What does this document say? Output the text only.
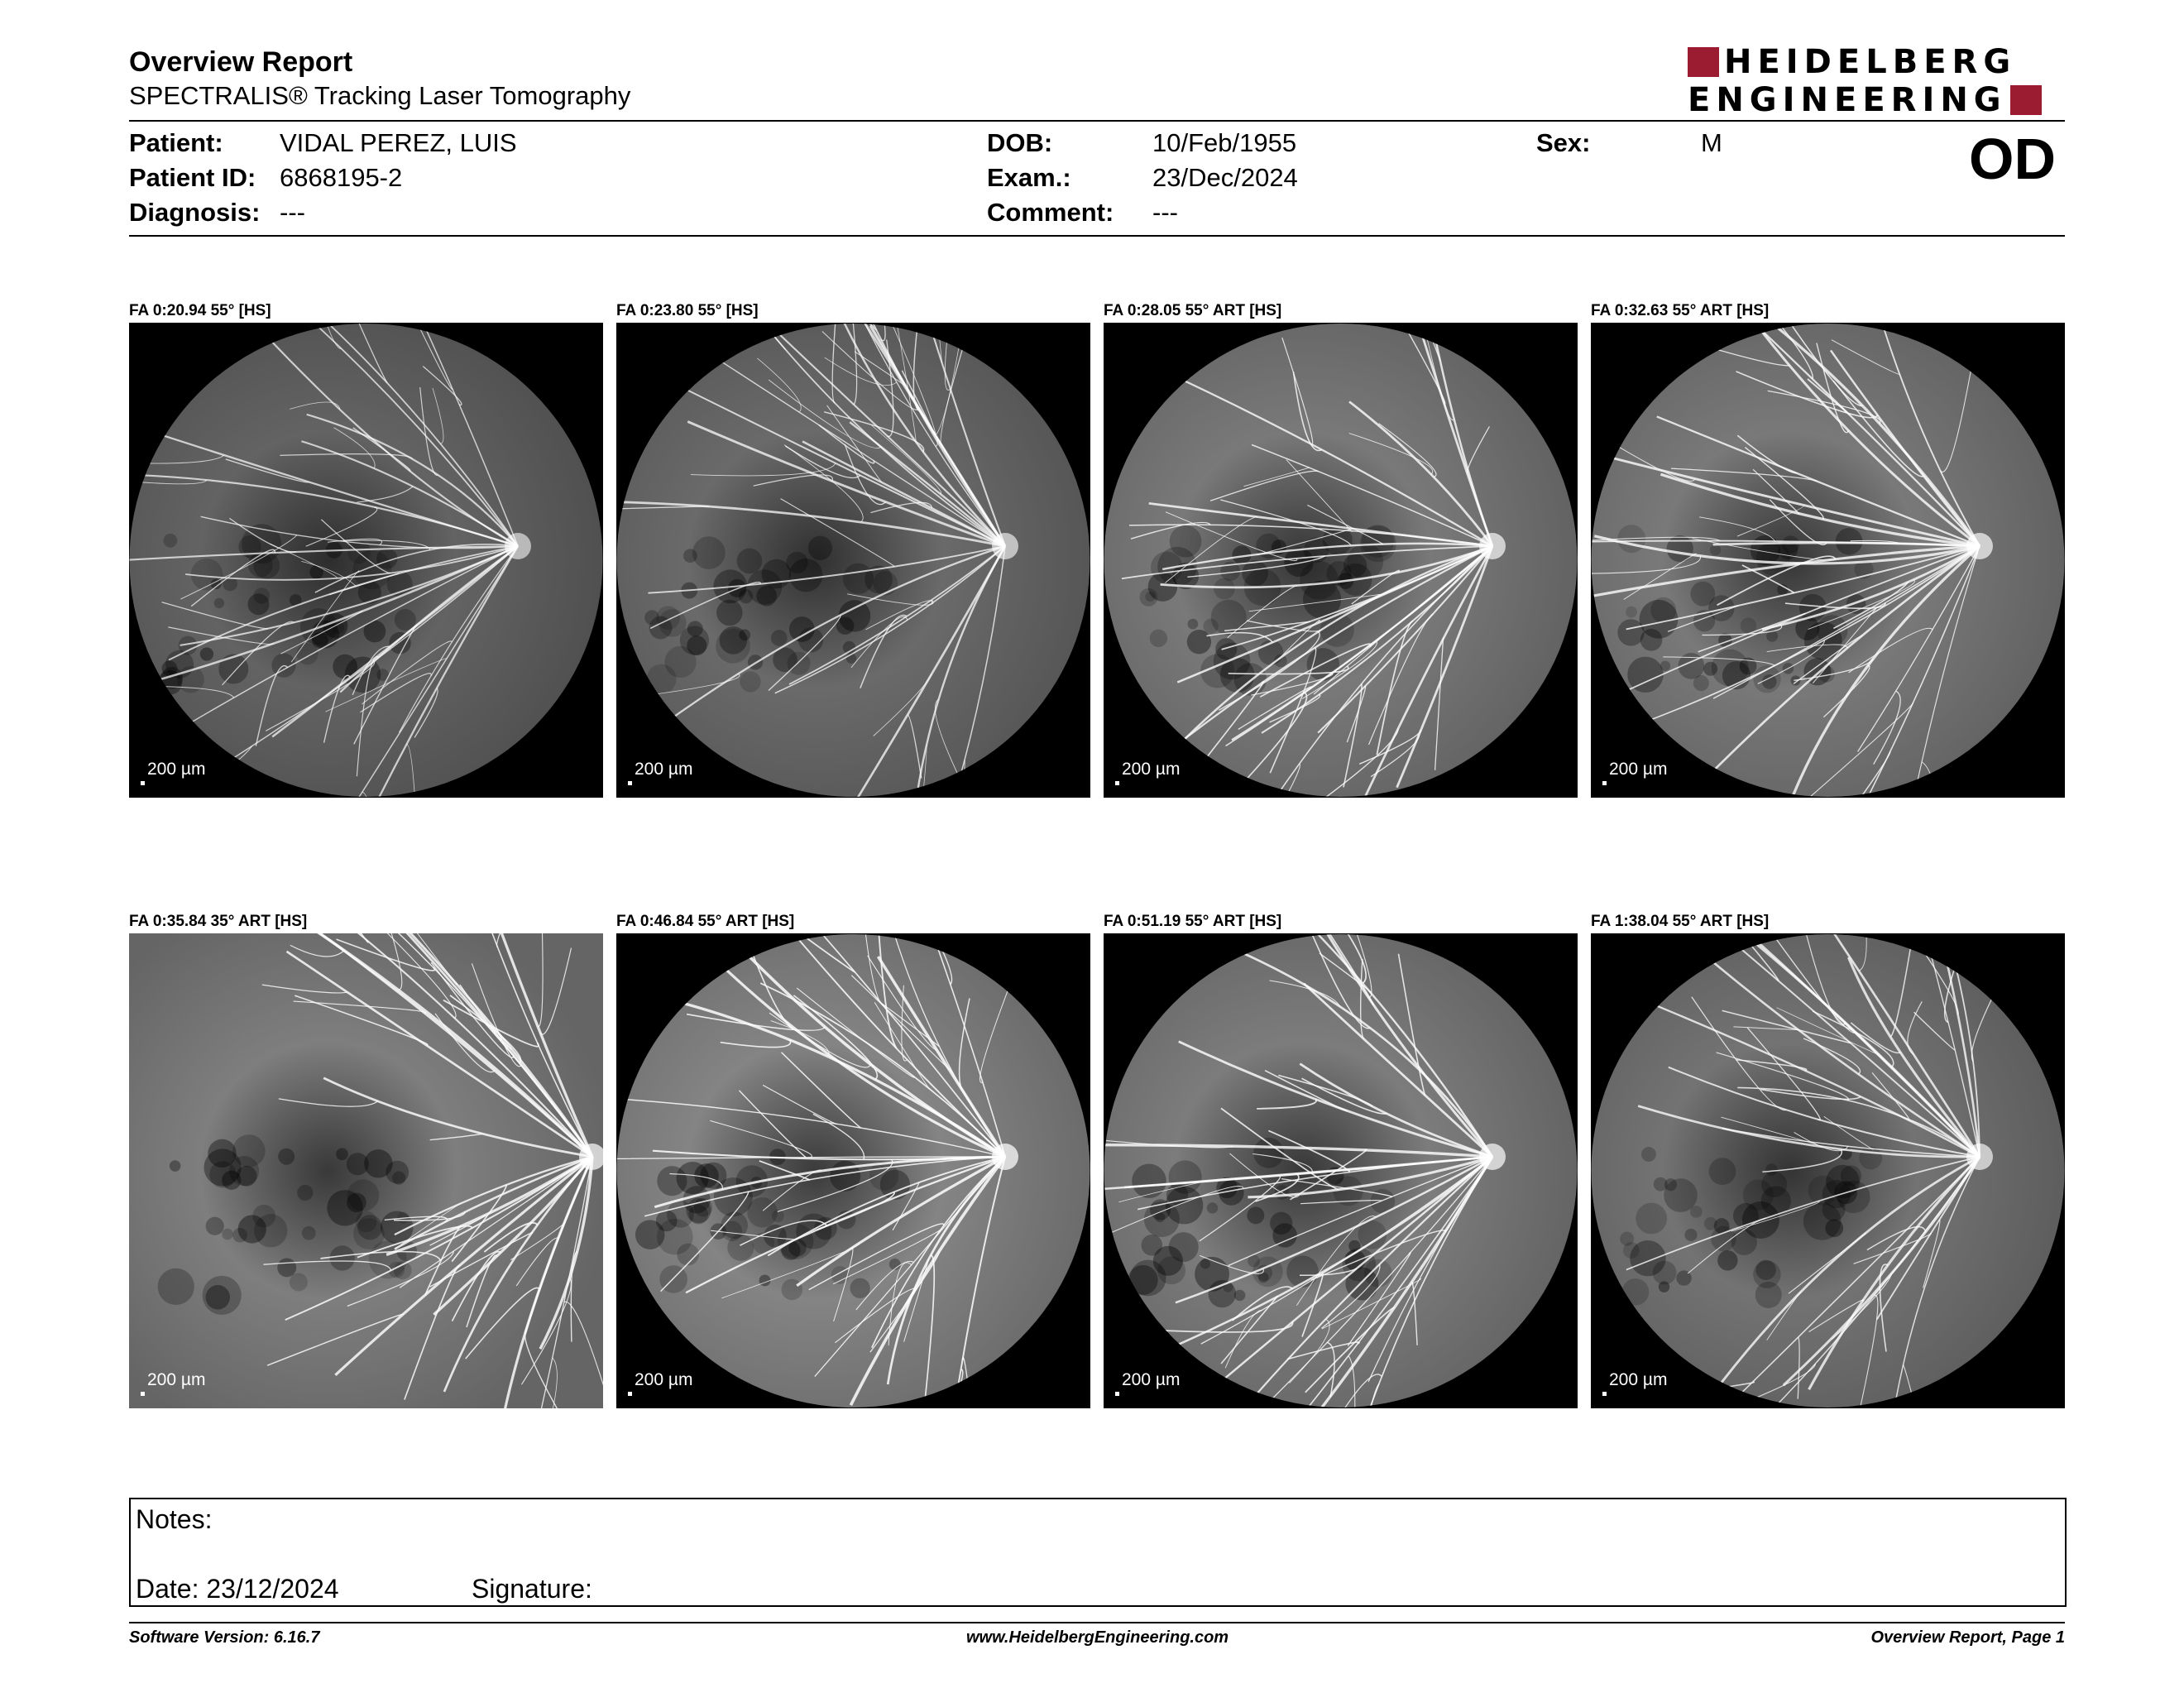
Overview Report
SPECTRALIS® Tracking Laser Tomography
HEIDELBERG
ENGINEERING
Patient: VIDAL PEREZ, LUIS
Patient ID: 6868195-2
Diagnosis: ---
DOB:	10/Feb/1955
Exam.:	23/Dec/2024
Comment: ---
Sex:	M	OD
FA 0:20.94 55° [HS]
200 µm
FA 0:23.80 55° [HS]
200 µm
FA 0:28.05 55° ART [HS]
200 µm
FA 0:32.63 55° ART [HS]
200 µm
FA 0:35.84 35° ART [HS]
200 µm
FA 0:46.84 55° ART [HS]
200 µm
FA 0:51.19 55° ART [HS]
200 µm
FA 1:38.04 55° ART [HS]
200 µm
Notes:
Date: 23/12/2024	Signature:
Software Version: 6.16.7	www.HeidelbergEngineering.com	Overview Report, Page 1
